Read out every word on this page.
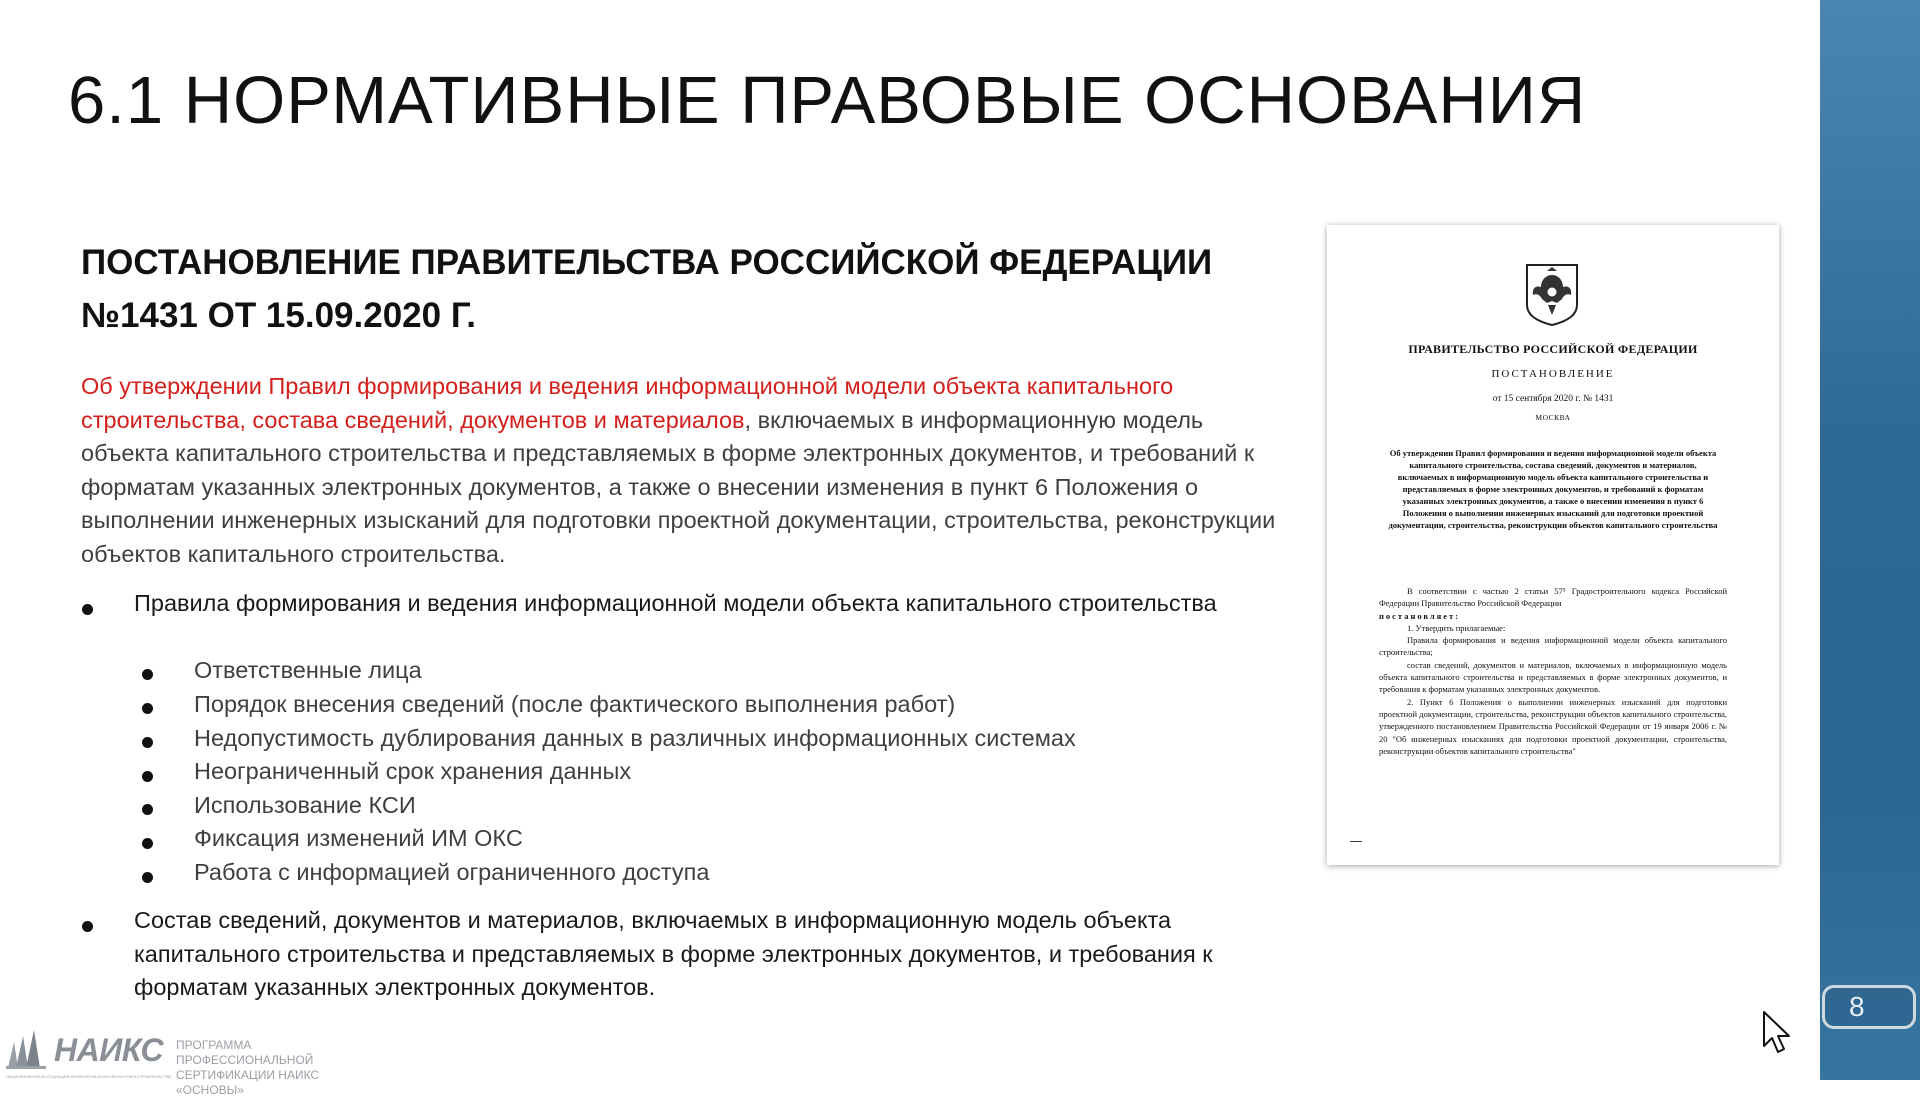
6.1 НОРМАТИВНЫЕ ПРАВОВЫЕ ОСНОВАНИЯ
8
ПОСТАНОВЛЕНИЕ ПРАВИТЕЛЬСТВА РОССИЙСКОЙ ФЕДЕРАЦИИ №1431 ОТ 15.09.2020 Г.

Об утверждении Правил формирования и ведения информационной модели объекта капитального строительства, состава сведений, документов и материалов, включаемых в информационную модель объекта капитального строительства и представляемых в форме электронных документов, и требований к форматам указанных электронных документов, а также о внесении изменения в пункт 6 Положения о выполнении инженерных изысканий для подготовки проектной документации, строительства, реконструкции объектов капитального строительства.

Правила формирования и ведения информационной модели объекта капитального строительства
Ответственные лица
Порядок внесения сведений (после фактического выполнения работ)
Недопустимость дублирования данных в различных информационных системах
Неограниченный срок хранения данных
Использование КСИ
Фиксация изменений ИМ ОКС
Работа с информацией ограниченного доступа
Состав сведений, документов и материалов, включаемых в информационную модель объекта капитального строительства и представляемых в форме электронных документов, и требования к форматам указанных электронных документов.
ПРАВИТЕЛЬСТВО РОССИЙСКОЙ ФЕДЕРАЦИИ
ПОСТАНОВЛЕНИЕ
от 15 сентября 2020 г. № 1431
МОСКВА
Об утверждении Правил формирования и ведения информационной модели объекта капитального строительства, состава сведений, документов и материалов, включаемых в информационную модель объекта капитального строительства и представляемых в форме электронных документов, и требований к форматам указанных электронных документов, а также о внесении изменения в пункт 6 Положения о выполнении инженерных изысканий для подготовки проектной документации, строительства, реконструкции объектов капитального строительства

В соответствии с частью 2 статьи 57⁵ Градостроительного кодекса Российской Федерации Правительство Российской Федерации

постановляет:

1. Утвердить прилагаемые:

Правила формирования и ведения информационной модели объекта капитального строительства;

состав сведений, документов и материалов, включаемых в информационную модель объекта капитального строительства и представляемых в форме электронных документов, и требования к форматам указанных электронных документов.

2. Пункт 6 Положения о выполнении инженерных изысканий для подготовки проектной документации, строительства, реконструкции объектов капитального строительства, утвержденного постановлением Правительства Российской Федерации от 19 января 2006 г. № 20 "Об инженерных изысканиях для подготовки проектной документации, строительства, реконструкции объектов капитального строительства"

НАИКС ПРОГРАММА ПРОФЕССИОНАЛЬНОЙ СЕРТИФИКАЦИИ НАИКС «ОСНОВЫ»
НАЦИОНАЛЬНАЯ АССОЦИАЦИЯ ИНЖЕНЕРОВ-КОНСУЛЬТАНТОВ В СТРОИТЕЛЬСТВЕ
